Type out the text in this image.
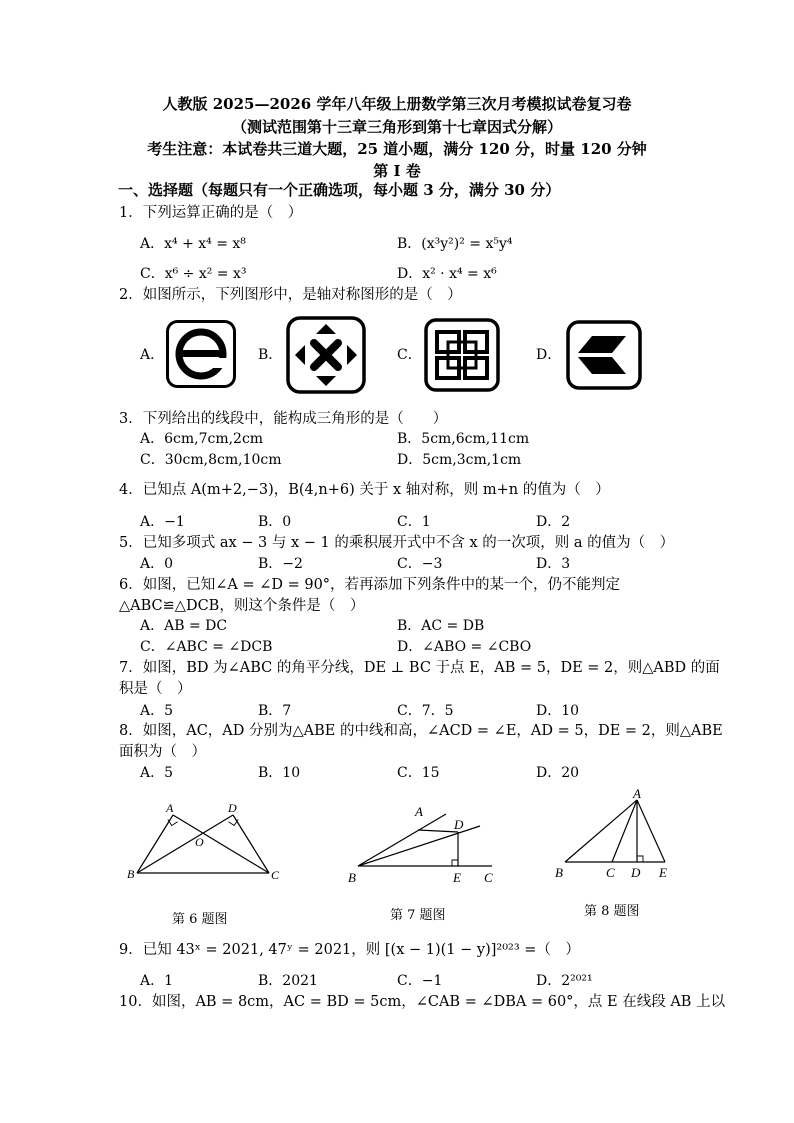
人教版 2025—2026 学年八年级上册数学第三次月考模拟试卷复习卷
（测试范围第十三章三角形到第十七章因式分解）
考生注意：本试卷共三道大题，25 道小题，满分 120 分，时量 120 分钟
第 I 卷
一、选择题（每题只有一个正确选项，每小题 3 分，满分 30 分）
1．下列运算正确的是（　）
A．x⁴ + x⁴ = x⁸	B．(x³y²)² = x⁵y⁴
C．x⁶ ÷ x² = x³	D．x² · x⁴ = x⁶
2．如图所示，下列图形中，是轴对称图形的是（　）
A．	B．	C．	D．
3．下列给出的线段中，能构成三角形的是（　　）
A．6cm,7cm,2cm	B．5cm,6cm,11cm
C．30cm,8cm,10cm	D．5cm,3cm,1cm
4．已知点 A(m+2,−3)，B(4,n+6) 关于 x 轴对称，则 m+n 的值为（　）
A．−1	B．0	C．1	D．2
5．已知多项式 ax − 3 与 x − 1 的乘积展开式中不含 x 的一次项，则 a 的值为（　）
A．0	B．−2	C．−3	D．3
6．如图，已知∠A = ∠D = 90°，若再添加下列条件中的某一个，仍不能判定
△ABC≌△DCB，则这个条件是（　）
A．AB = DC	B．AC = DB
C．∠ABC = ∠DCB	D．∠ABO = ∠CBO
7．如图，BD 为∠ABC 的角平分线，DE ⊥ BC 于点 E，AB = 5，DE = 2，则△ABD 的面
积是（　）
A．5	B．7	C．7．5	D．10
8．如图，AC，AD 分别为△ABE 的中线和高，∠ACD = ∠E，AD = 5，DE = 2，则△ABE
面积为（　）
A．5	B．10	C．15	D．20
A	D
O
B	C
第 6 题图
A
D
B	E C
第 7 题图
A
B	C D E
第 8 题图
9．已知 43ˣ = 2021, 47ʸ = 2021，则 [(x − 1)(1 − y)]²⁰²³ =（　）
A．1	B．2021	C．−1	D．2²⁰²¹
10．如图，AB = 8cm，AC = BD = 5cm，∠CAB = ∠DBA = 60°，点 E 在线段 AB 上以
